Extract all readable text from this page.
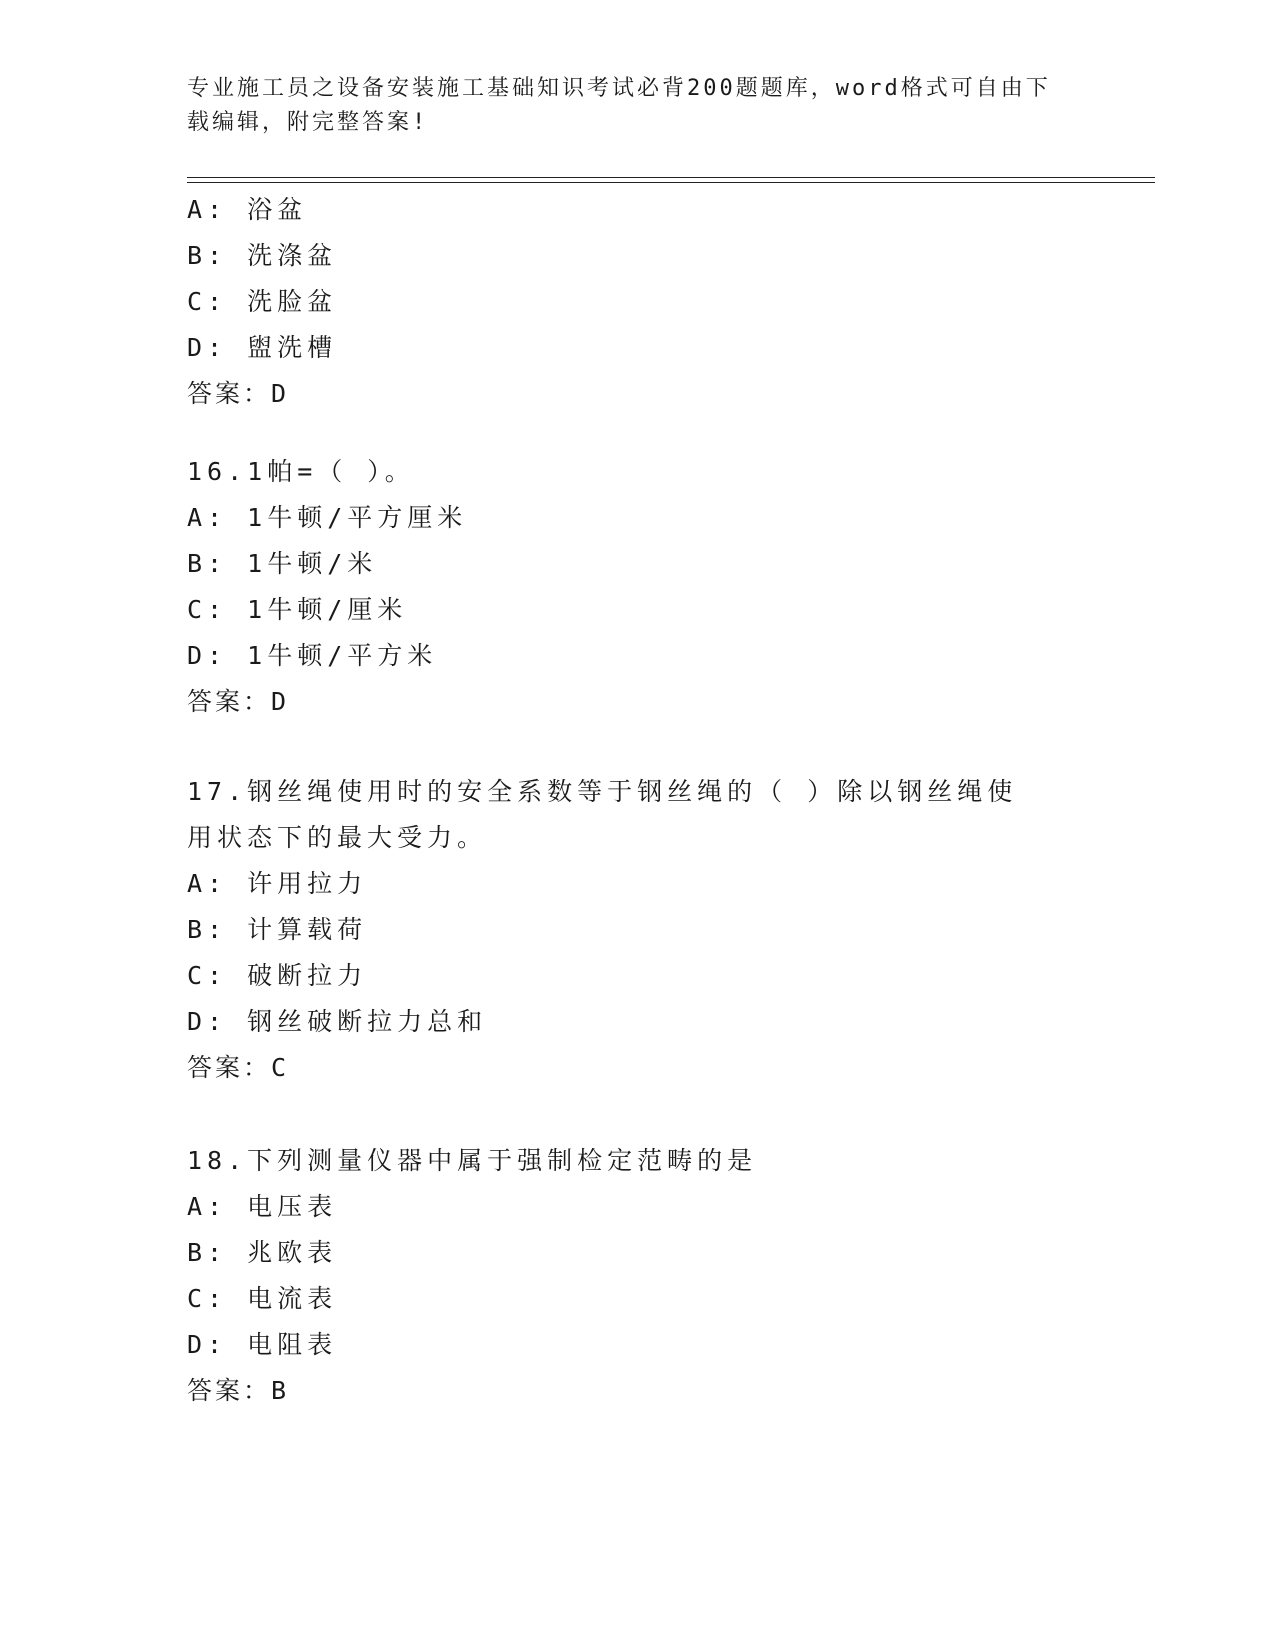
专业施工员之设备安装施工基础知识考试必背200题题库，word格式可自由下载编辑，附完整答案!
A: 浴盆
B: 洗涤盆
C: 洗脸盆
D: 盥洗槽
答案：D
16.1帕=（ ）。
A: 1牛顿/平方厘米
B: 1牛顿/米
C: 1牛顿/厘米
D: 1牛顿/平方米
答案：D
17.钢丝绳使用时的安全系数等于钢丝绳的（ ）除以钢丝绳使用状态下的最大受力。
A: 许用拉力
B: 计算载荷
C: 破断拉力
D: 钢丝破断拉力总和
答案：C
18.下列测量仪器中属于强制检定范畴的是
A: 电压表
B: 兆欧表
C: 电流表
D: 电阻表
答案：B
